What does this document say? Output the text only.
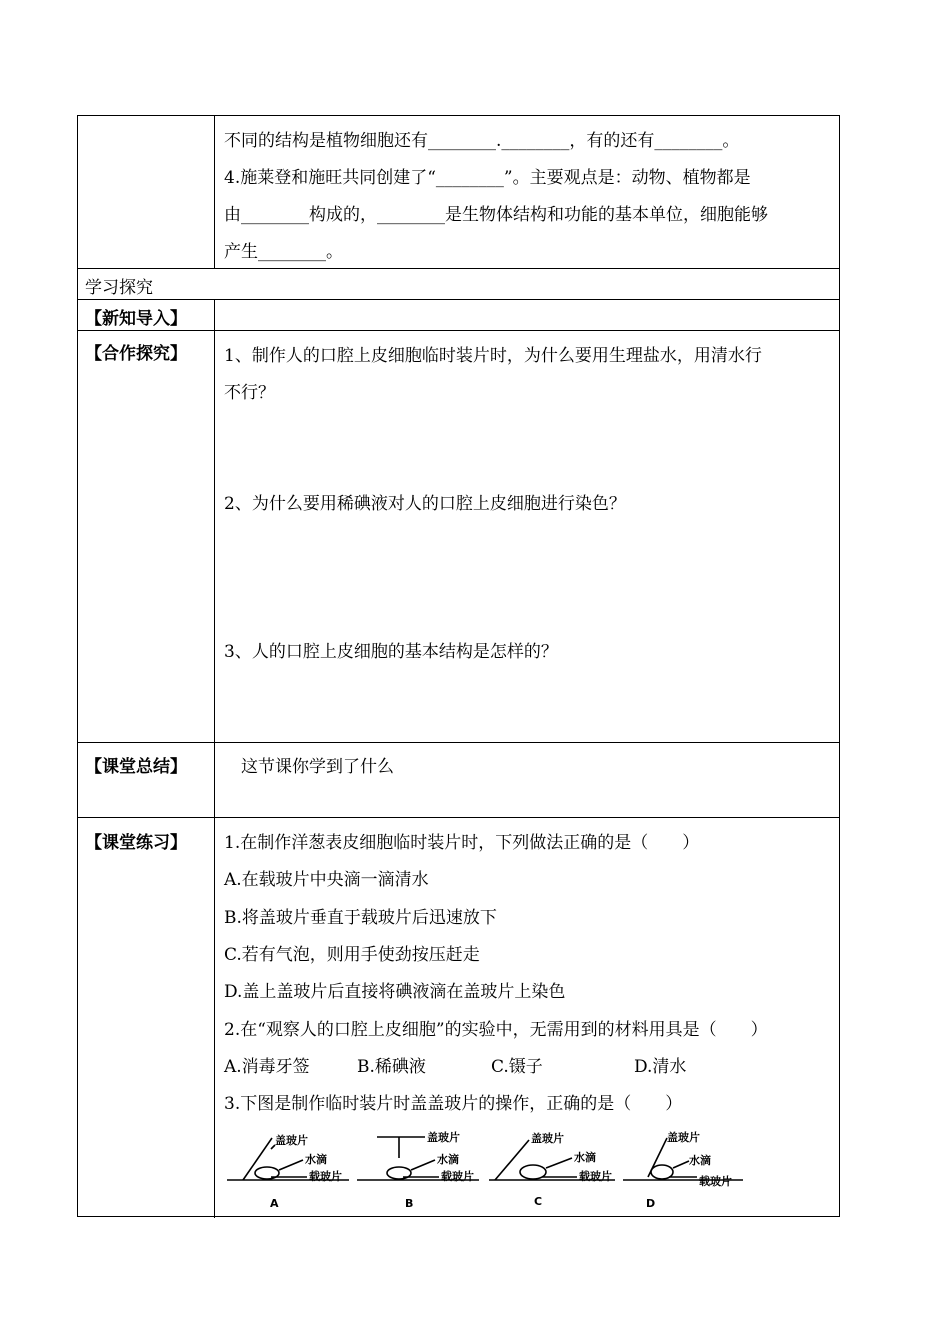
不同的结构是植物细胞还有________.________，有的还有________。
4.施莱登和施旺共同创建了“________”。主要观点是：动物、植物都是
由________构成的，________是生物体结构和功能的基本单位，细胞能够
产生________。
学习探究
【新知导入】
【合作探究】 1、制作人的口腔上皮细胞临时装片时，为什么要用生理盐水，用清水行
不行？
2、为什么要用稀碘液对人的口腔上皮细胞进行染色？
3、人的口腔上皮细胞的基本结构是怎样的？
【课堂总结】	这节课你学到了什么
【课堂练习】 1.在制作洋葱表皮细胞临时装片时，下列做法正确的是（　　）
A.在载玻片中央滴一滴清水
B.将盖玻片垂直于载玻片后迅速放下
C.若有气泡，则用手使劲按压赶走
D.盖上盖玻片后直接将碘液滴在盖玻片上染色
2.在“观察人的口腔上皮细胞”的实验中，无需用到的材料用具是（　　）
A.消毒牙签	B.稀碘液	C.镊子	D.清水
3.下图是制作临时装片时盖盖玻片的操作，正确的是（　　）
盖玻片
水滴
载玻片
盖玻片
水滴
载玻片
盖玻片
水滴
载玻片
盖玻片
水滴
载玻片
A	B	C	D
